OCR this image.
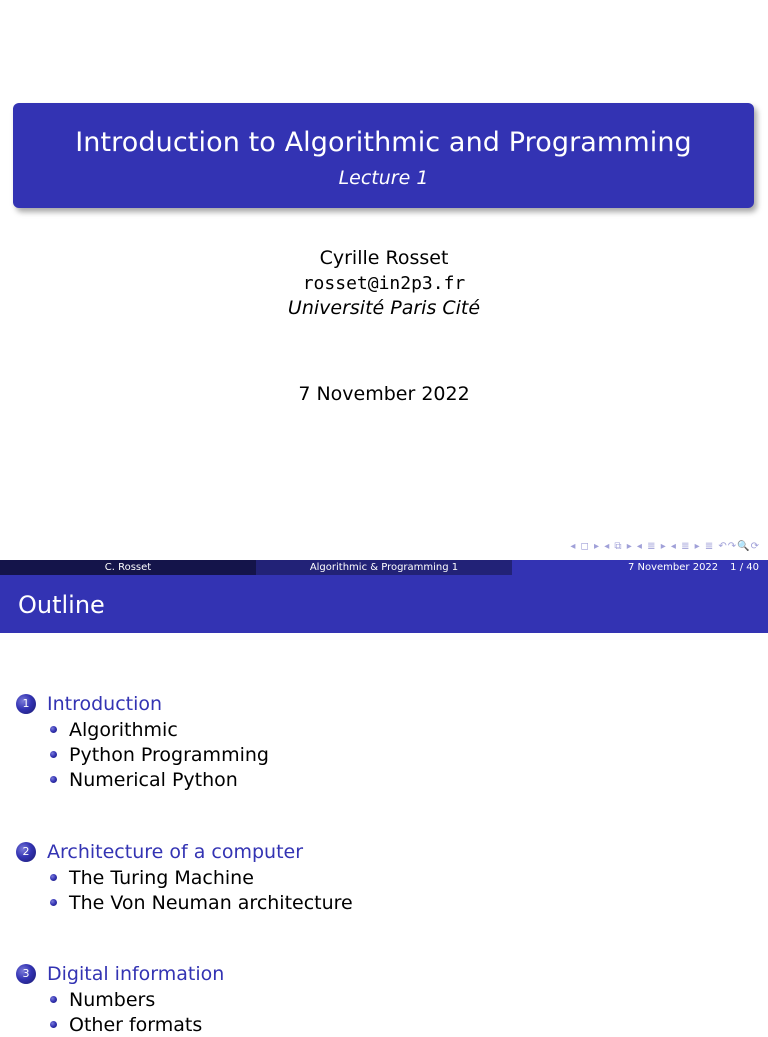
Introduction to Algorithmic and Programming
Lecture 1
Cyrille Rosset
rosset@in2p3.fr
Université Paris Cité
7 November 2022
◂ ◻ ▸ ◂ ⧉ ▸ ◂ ≣ ▸ ◂ ≣ ▸ ≣ ↶↷🔍⟳
C. Rosset	Algorithmic & Programming 1	7 November 2022 1 / 40
Outline
1 Introduction
Algorithmic
Python Programming
Numerical Python
2 Architecture of a computer
The Turing Machine
The Von Neuman architecture
3 Digital information
Numbers
Other formats
